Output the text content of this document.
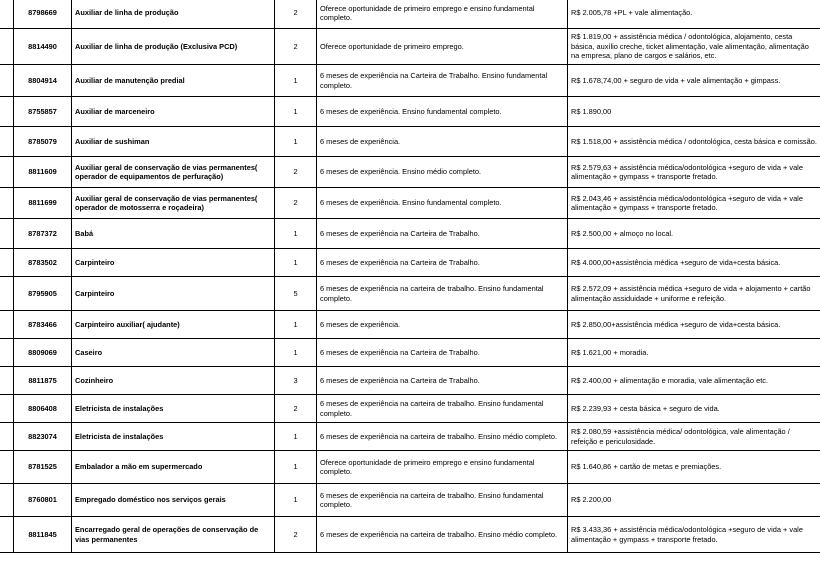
	8798669	Auxiliar de linha de produção	2	Oferece oportunidade de primeiro emprego e ensino fundamental completo.	R$ 2.005,78 +PL + vale alimentação.
	8814490	Auxiliar de linha de produção (Exclusiva PCD)	2	Oferece oportunidade de primeiro emprego.	R$ 1.819,00 + assistência médica / odontológica, alojamento, cesta básica, auxílio creche, ticket alimentação, vale alimentação, alimentação na empresa, plano de cargos e salários, etc.
	8804914	Auxiliar de manutenção predial	1	6 meses de experiência na Carteira de Trabalho. Ensino fundamental completo.	R$ 1.678,74,00 + seguro de vida + vale alimentação + gimpass.
	8755857	Auxiliar de marceneiro	1	6 meses de experiência. Ensino fundamental completo.	R$ 1.890,00
	8785079	Auxiliar de sushiman	1	6 meses de experiência.	R$ 1.518,00 + assistência médica / odontológica, cesta básica e comissão.
	8811609	Auxiliar geral de conservação de vias permanentes( operador de equipamentos de perfuração)	2	6 meses de experiência. Ensino médio completo.	R$ 2.579,63 + assistência médica/odontológica +seguro de vida + vale alimentação + gympass + transporte fretado.
	8811699	Auxiliar geral de conservação de vias permanentes( operador de motosserra e roçadeira)	2	6 meses de experiência. Ensino fundamental completo.	R$ 2.043,46 + assistência médica/odontológica +seguro de vida + vale alimentação + gympass + transporte fretado.
	8787372	Babá	1	6 meses de experiência na Carteira de Trabalho.	R$ 2.500,00 + almoço no local.
	8783502	Carpinteiro	1	6 meses de experiência na Carteira de Trabalho.	R$ 4.000,00+assistência médica +seguro de vida+cesta básica.
	8795905	Carpinteiro	5	6 meses de experiência na carteira de trabalho. Ensino fundamental completo.	R$ 2.572,09 + assistência médica +seguro de vida + alojamento + cartão alimentação assiduidade + uniforme e refeição.
	8783466	Carpinteiro auxiliar( ajudante)	1	6 meses de experiência.	R$ 2.850,00+assistência médica +seguro de vida+cesta básica.
	8809069	Caseiro	1	6 meses de experiência na Carteira de Trabalho.	R$ 1.621,00 + moradia.
	8811875	Cozinheiro	3	6 meses de experiência na Carteira de Trabalho.	R$ 2.400,00 + alimentação e moradia, vale alimentação etc.
	8806408	Eletricista de instalações	2	6 meses de experiência na carteira de trabalho. Ensino fundamental completo.	R$ 2.239,93 + cesta básica + seguro de vida.
	8823074	Eletricista de instalações	1	6 meses de experiência na carteira de trabalho. Ensino médio completo.	R$ 2.080,59 +assistência médica/ odontológica, vale alimentação / refeição e periculosidade.
	8781525	Embalador a mão em supermercado	1	Oferece oportunidade de primeiro emprego e ensino fundamental completo.	R$ 1.640,86 + cartão de metas e premiações.
	8760801	Empregado doméstico nos serviços gerais	1	6 meses de experiência na carteira de trabalho. Ensino fundamental completo.	R$ 2.200,00
	8811845	Encarregado geral de operações de conservação de vias permanentes	2	6 meses de experiência na carteira de trabalho. Ensino médio completo.	R$ 3.433,36 + assistência médica/odontológica +seguro de vida + vale alimentação + gympass + transporte fretado.
